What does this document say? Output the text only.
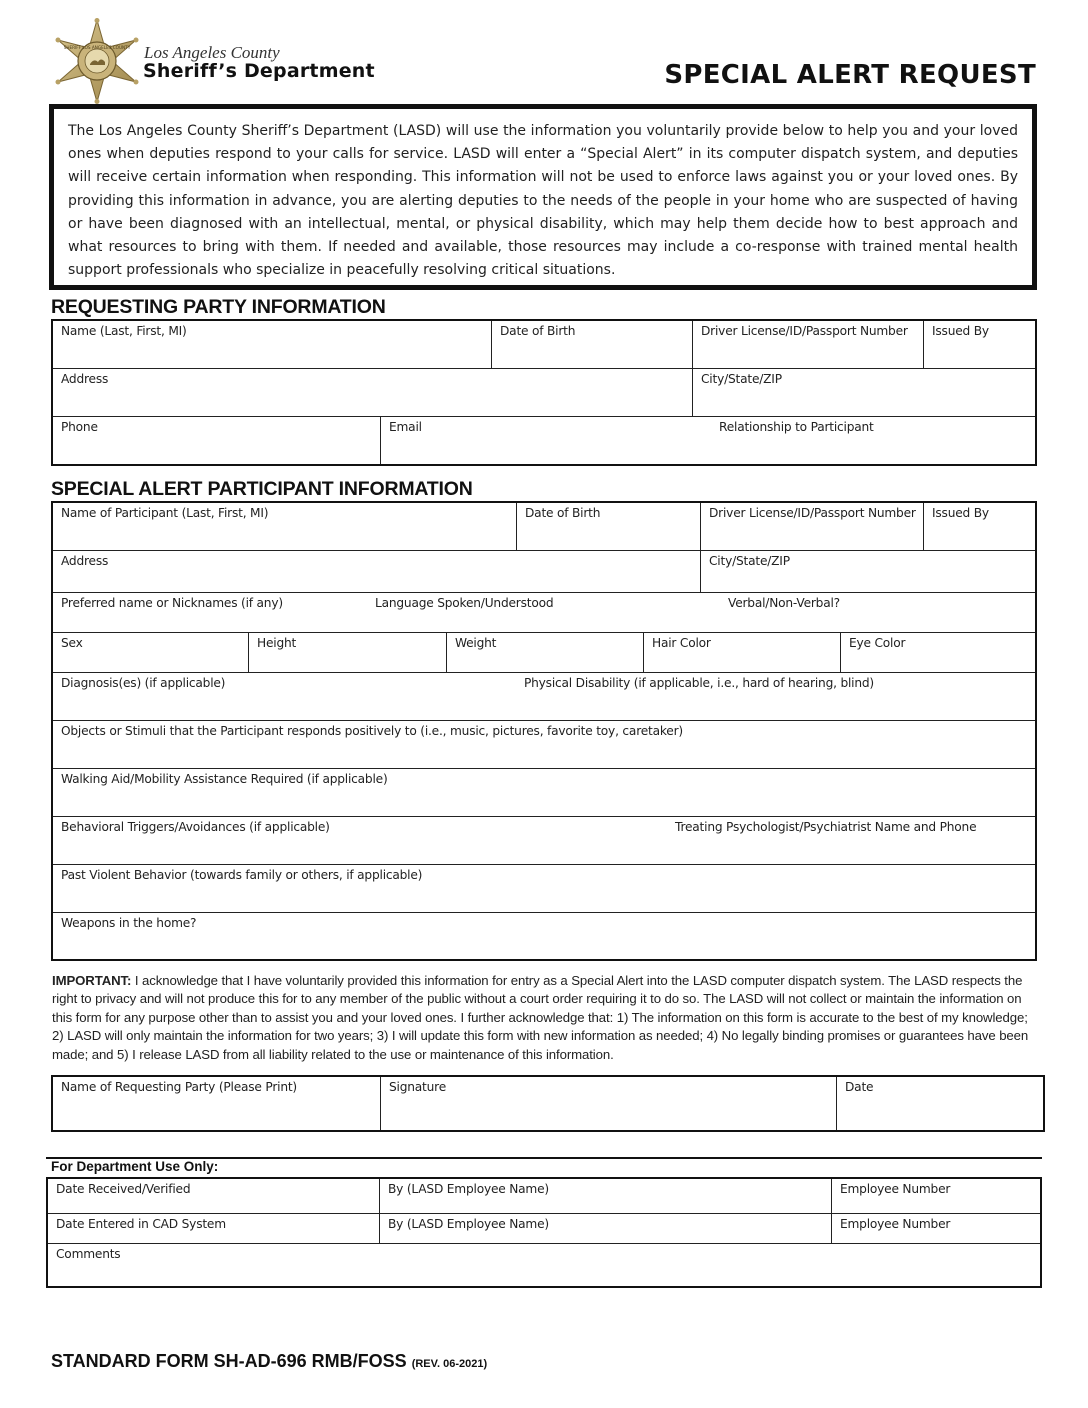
SHERIFF LOS ANGELES COUNTY Los Angeles County
Sheriff’s Department	SPECIAL ALERT REQUEST

The Los Angeles County Sheriff’s Department (LASD) will use the information you voluntarily provide below to help you and your loved ones when deputies respond to your calls for service. LASD will enter a “Special Alert” in its computer dispatch system, and deputies will receive certain information when responding. This information will not be used to enforce laws against you or your loved ones. By providing this information in advance, you are alerting deputies to the needs of the people in your home who are suspected of having or have been diagnosed with an intellectual, mental, or physical disability, which may help them decide how to best approach and what resources to bring with them. If needed and available, those resources may include a co-response with trained mental health support professionals who specialize in peacefully resolving critical situations.

REQUESTING PARTY INFORMATION
Name (Last, First, MI)	Date of Birth	Driver License/ID/Passport Number	Issued By
Address	City/State/ZIP
Phone	Email	Relationship to Participant
SPECIAL ALERT PARTICIPANT INFORMATION
Name of Participant (Last, First, MI)	Date of Birth	Driver License/ID/Passport Number	Issued By
Address	City/State/ZIP
Preferred name or Nicknames (if any)	Language Spoken/Understood	Verbal/Non-Verbal?
Sex	Height	Weight	Hair Color	Eye Color
Diagnosis(es) (if applicable)	Physical Disability (if applicable, i.e., hard of hearing, blind)
Objects or Stimuli that the Participant responds positively to (i.e., music, pictures, favorite toy, caretaker)
Walking Aid/Mobility Assistance Required (if applicable)
Behavioral Triggers/Avoidances (if applicable)	Treating Psychologist/Psychiatrist Name and Phone
Past Violent Behavior (towards family or others, if applicable)
Weapons in the home?
IMPORTANT: I acknowledge that I have voluntarily provided this information for entry as a Special Alert into the LASD computer dispatch system. The LASD respects the right to privacy and will not produce this for to any member of the public without a court order requiring it to do so. The LASD will not collect or maintain the information on this form for any purpose other than to assist you and your loved ones. I further acknowledge that: 1) The information on this form is accurate to the best of my knowledge; 2) LASD will only maintain the information for two years; 3) I will update this form with new information as needed; 4) No legally binding promises or guarantees have been made; and 5) I release LASD from all liability related to the use or maintenance of this information.
Name of Requesting Party (Please Print)	Signature	Date
For Department Use Only:
Date Received/Verified	By (LASD Employee Name)	Employee Number
Date Entered in CAD System	By (LASD Employee Name)	Employee Number
Comments
STANDARD FORM SH-AD-696 RMB/FOSS (REV. 06-2021)
